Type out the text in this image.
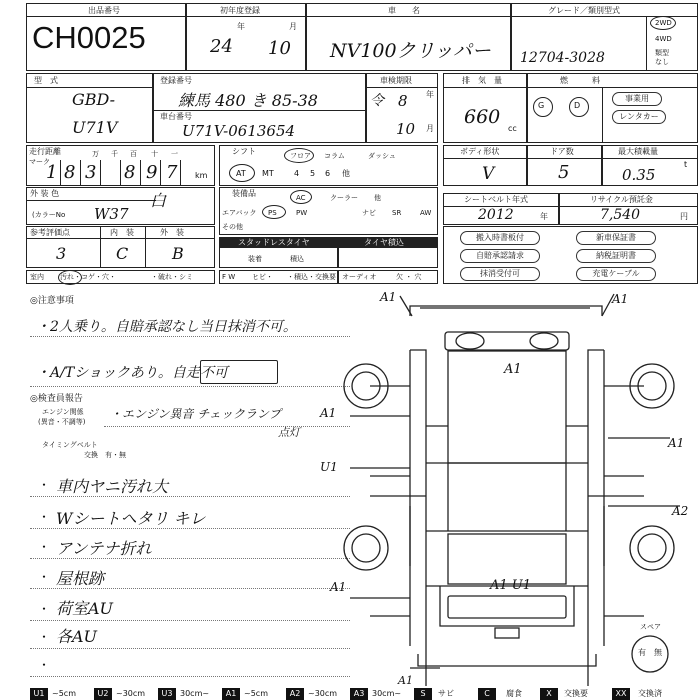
出品番号
CH0025
初年度登録
年	月
24 10
車　　名
NV100クリッパー
グレード／類別型式
2WD
4WD
類型
なし
12704-3028
型　式
GBD-
U71V
登録番号
練馬 480 き 85-38
車台番号
U71V-0613654
車検期限
令 8 年
10 月
排　気　量
660
cc
燃　　　料
G	D
事業用
レンタカー
走行距離
マーク
万 千 百 十 一
1 8 3 8 9 7 km
シフト	フロア コラム	ダッシュ
AT MT	4 5 6 他
ボディ形状
V
ドア数
5
最大積載量
0.35
t
外 装 色	白
(カラーNo W37
装備品	AC	クーラー 他
エアバック PS	PW	ナビ SR	AW
その他
シートベルト年式
2012	年
リサイクル預託金
7,540	円
参考評価点	内　装	外　装
3	C	B
スタッドレスタイヤ
装着	積込
タイヤ積込
搬入時書板付	新車保証書
自賠承認請求	納税証明書
抹消受付可	充電ケーブル
室内 汚れ・コゲ・穴・　　　　　・破れ・シミ	F W ヒビ・　　・積込・交換要 オーディオ	欠 ・ 穴
◎注意事項
・2人乗り。自賠承認なし当日抹消不可。
・A/Tショックあり。自走不可
◎検査員報告
エンジン関係
(異音・不調等)
・エンジン異音 チェックランプ
点灯
タイミングベルト
交換　有・無
・ 車内ヤニ汚れ大
・ Wシートヘタリ キレ
・ アンテナ折れ
・ 屋根跡
・ 荷室AU
・ 各AU
・
A1	A1
A1
A1
U1
A1
A2
A1	A1 U1
A1
スペア
有 無
U1 ~5cm	U2 ~30cm	U3 30cm~	A1 ~5cm	A2 ~30cm	A3 30cm~	S	サビ	C	腐食	X	交換要	XX	交換済
